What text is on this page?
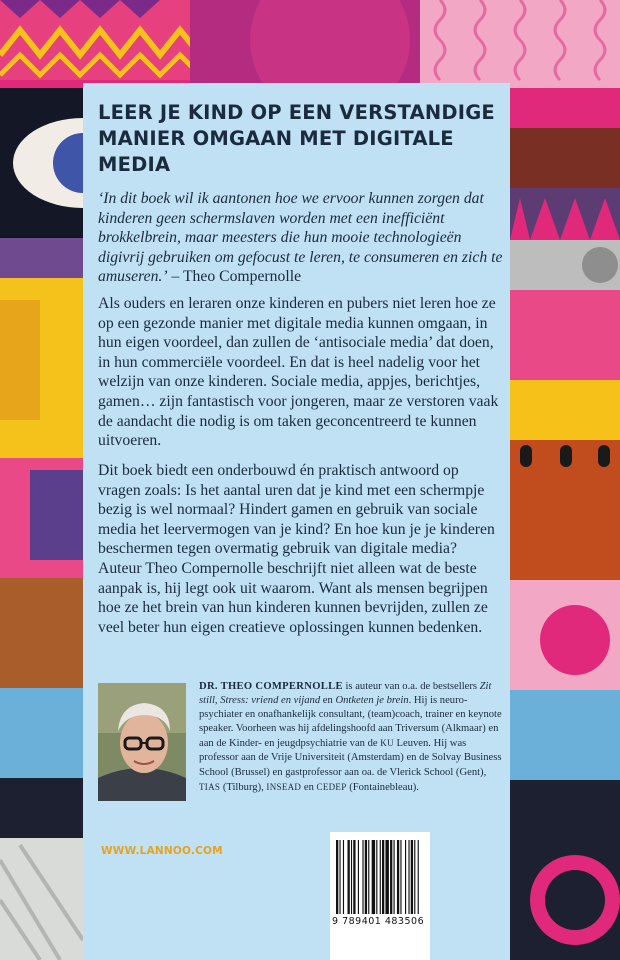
LEER JE KIND OP EEN VERSTANDIGE MANIER OMGAAN MET DIGITALE MEDIA
‘In dit boek wil ik aantonen hoe we ervoor kunnen zorgen dat kinderen geen schermslaven worden met een inefficiënt brokkelbrein, maar meesters die hun mooie technologieën digivrij gebruiken om gefocust te leren, te consumeren en zich te amuseren.’ – Theo Compernolle
Als ouders en leraren onze kinderen en pubers niet leren hoe ze op een gezonde manier met digitale media kunnen omgaan, in hun eigen voordeel, dan zullen de ‘antisociale media’ dat doen, in hun commerciële voordeel. En dat is heel nadelig voor het welzijn van onze kinderen. Sociale media, appjes, berichtjes, gamen… zijn fantastisch voor jongeren, maar ze verstoren vaak de aandacht die nodig is om taken geconcentreerd te kunnen uitvoeren.
Dit boek biedt een onderbouwd én praktisch antwoord op vragen zoals: Is het aantal uren dat je kind met een schermpje bezig is wel normaal? Hindert gamen en gebruik van sociale media het leervermogen van je kind? En hoe kun je je kinderen beschermen tegen overmatig gebruik van digitale media? Auteur Theo Compernolle beschrijft niet alleen wat de beste aanpak is, hij legt ook uit waarom. Want als mensen begrijpen hoe ze het brein van hun kinderen kunnen bevrijden, zullen ze veel beter hun eigen creatieve oplossingen kunnen bedenken.
DR. THEO COMPERNOLLE is auteur van o.a. de bestsellers Zit still, Stress: vriend en vijand en Ontketen je brein. Hij is neuro-psychiater en onafhankelijk consultant, (team)coach, trainer en keynote speaker. Voorheen was hij afdelingshoofd aan Triversum (Alkmaar) en aan de Kinder- en jeugdpsychiatrie van de KU Leuven. Hij was professor aan de Vrije Universiteit (Amsterdam) en de Solvay Business School (Brussel) en gastprofessor aan oa. de Vlerick School (Gent), TIAS (Tilburg), INSEAD en CEDEP (Fontainebleau).
WWW.LANNOO.COM
9 789401 483506
